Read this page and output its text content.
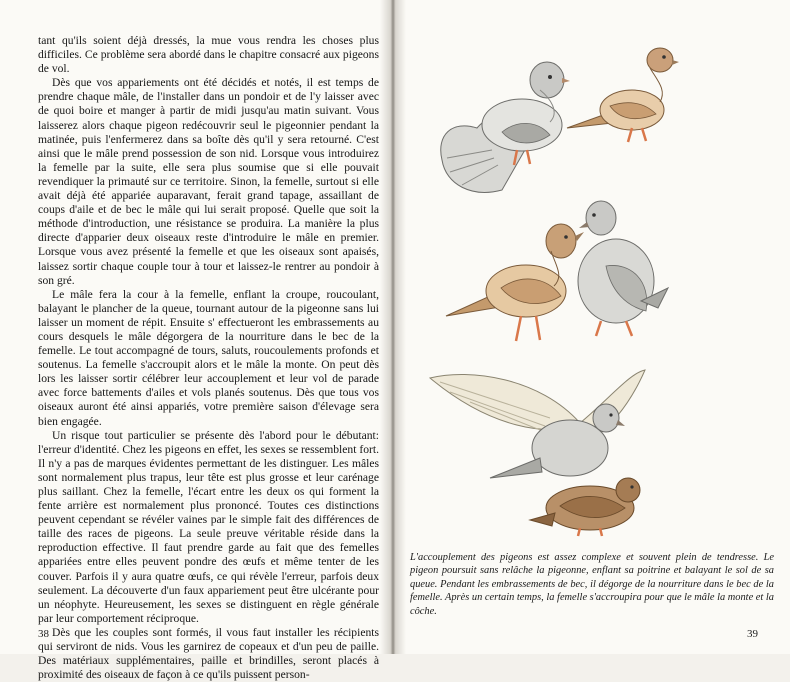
tant qu'ils soient déjà dressés, la mue vous rendra les choses plus difficiles. Ce problème sera abordé dans le chapitre consacré aux pigeons de vol.

Dès que vos appariements ont été décidés et notés, il est temps de prendre chaque mâle, de l'installer dans un pondoir et de l'y laisser avec de quoi boire et manger à partir de midi jusqu'au matin suivant. Vous laisserez alors chaque pigeon redécouvrir seul le pigeonnier pendant la matinée, puis l'enfermerez dans sa boîte dès qu'il y sera retourné. C'est ainsi que le mâle prend possession de son nid. Lorsque vous introduirez la femelle par la suite, elle sera plus soumise que si elle pouvait revendiquer la primauté sur ce territoire. Sinon, la femelle, surtout si elle avait déjà été appariée auparavant, ferait grand tapage, assaillant de coups d'aile et de bec le mâle qui lui serait proposé. Quelle que soit la méthode d'introduction, une résistance se produira. La manière la plus directe d'apparier deux oiseaux reste d'introduire le mâle en premier. Lorsque vous avez présenté la femelle et que les oiseaux sont apaisés, laissez sortir chaque couple tour à tour et laissez-le rentrer au pondoir à son gré.

Le mâle fera la cour à la femelle, enflant la croupe, roucoulant, balayant le plancher de la queue, tournant autour de la pigeonne sans lui laisser un moment de répit. Ensuite s' effectueront les embrassements au cours desquels le mâle dégorgera de la nourriture dans le bec de la femelle. Le tout accompagné de tours, saluts, roucoulements profonds et soutenus. La femelle s'accroupit alors et le mâle la monte. On peut dès lors les laisser sortir célébrer leur accouplement et leur vol de parade avec force battements d'ailes et vols planés soutenus. Dès que tous vos oiseaux auront été ainsi appariés, votre première saison d'élevage sera bien engagée.

Un risque tout particulier se présente dès l'abord pour le débutant: l'erreur d'identité. Chez les pigeons en effet, les sexes se ressemblent fort. Il n'y a pas de marques évidentes permettant de les distinguer. Les mâles sont normalement plus trapus, leur tête est plus grosse et leur carénage plus saillant. Chez la femelle, l'écart entre les deux os qui forment la fente arrière est normalement plus prononcé. Toutes ces distinctions peuvent cependant se révéler vaines par le simple fait des différences de taille des races de pigeons. La seule preuve véritable réside dans la reproduction effective. Il faut prendre garde au fait que des femelles appariées entre elles peuvent pondre des œufs et même tenter de les couver. Parfois il y aura quatre œufs, ce qui révèle l'erreur, parfois deux seulement. La découverte d'un faux appariement peut être ulcérante pour un néophyte. Heureusement, les sexes se distinguent en règle générale par leur comportement réciproque.

Dès que les couples sont formés, il vous faut installer les récipients qui serviront de nids. Vous les garnirez de copeaux et d'un peu de paille. Des matériaux supplémentaires, paille et brindilles, seront placés à proximité des oiseaux de façon à ce qu'ils puissent person-

38	39
L'accouplement des pigeons est assez complexe et souvent plein de tendresse. Le pigeon poursuit sans relâche la pigeonne, enflant sa poitrine et balayant le sol de sa queue. Pendant les embrassements de bec, il dégorge de la nourriture dans le bec de la femelle. Après un certain temps, la femelle s'accroupira pour que le mâle la monte et la côche.
